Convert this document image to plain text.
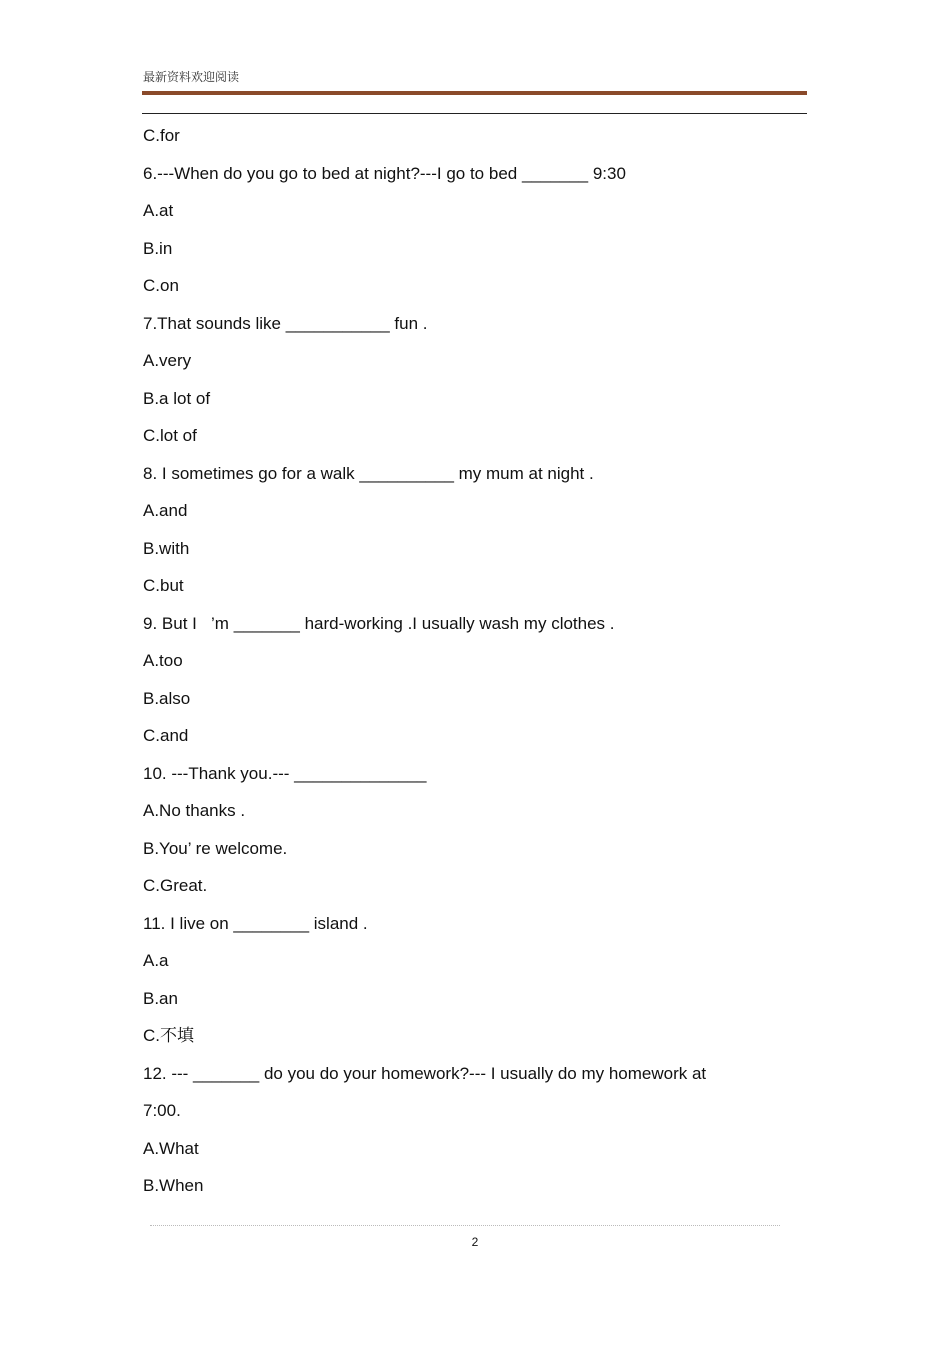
最新资料欢迎阅读
C.for
6.---When do you go to bed at night?---I go to bed _______ 9:30
A.at
B.in
C.on
7.That sounds like ___________ fun .
A.very
B.a lot of
C.lot of
8. I sometimes go for a walk __________ my mum at night .
A.and
B.with
C.but
9. But I   ’m _______ hard-working .I usually wash my clothes .
A.too
B.also
C.and
10. ---Thank you.--- ______________
A.No thanks .
B.You’ re welcome.
C.Great.
11. I live on ________ island .
A.a
B.an
C.不填
12. --- _______ do you do your homework?--- I usually do my homework at
7:00.
A.What
B.When
2
